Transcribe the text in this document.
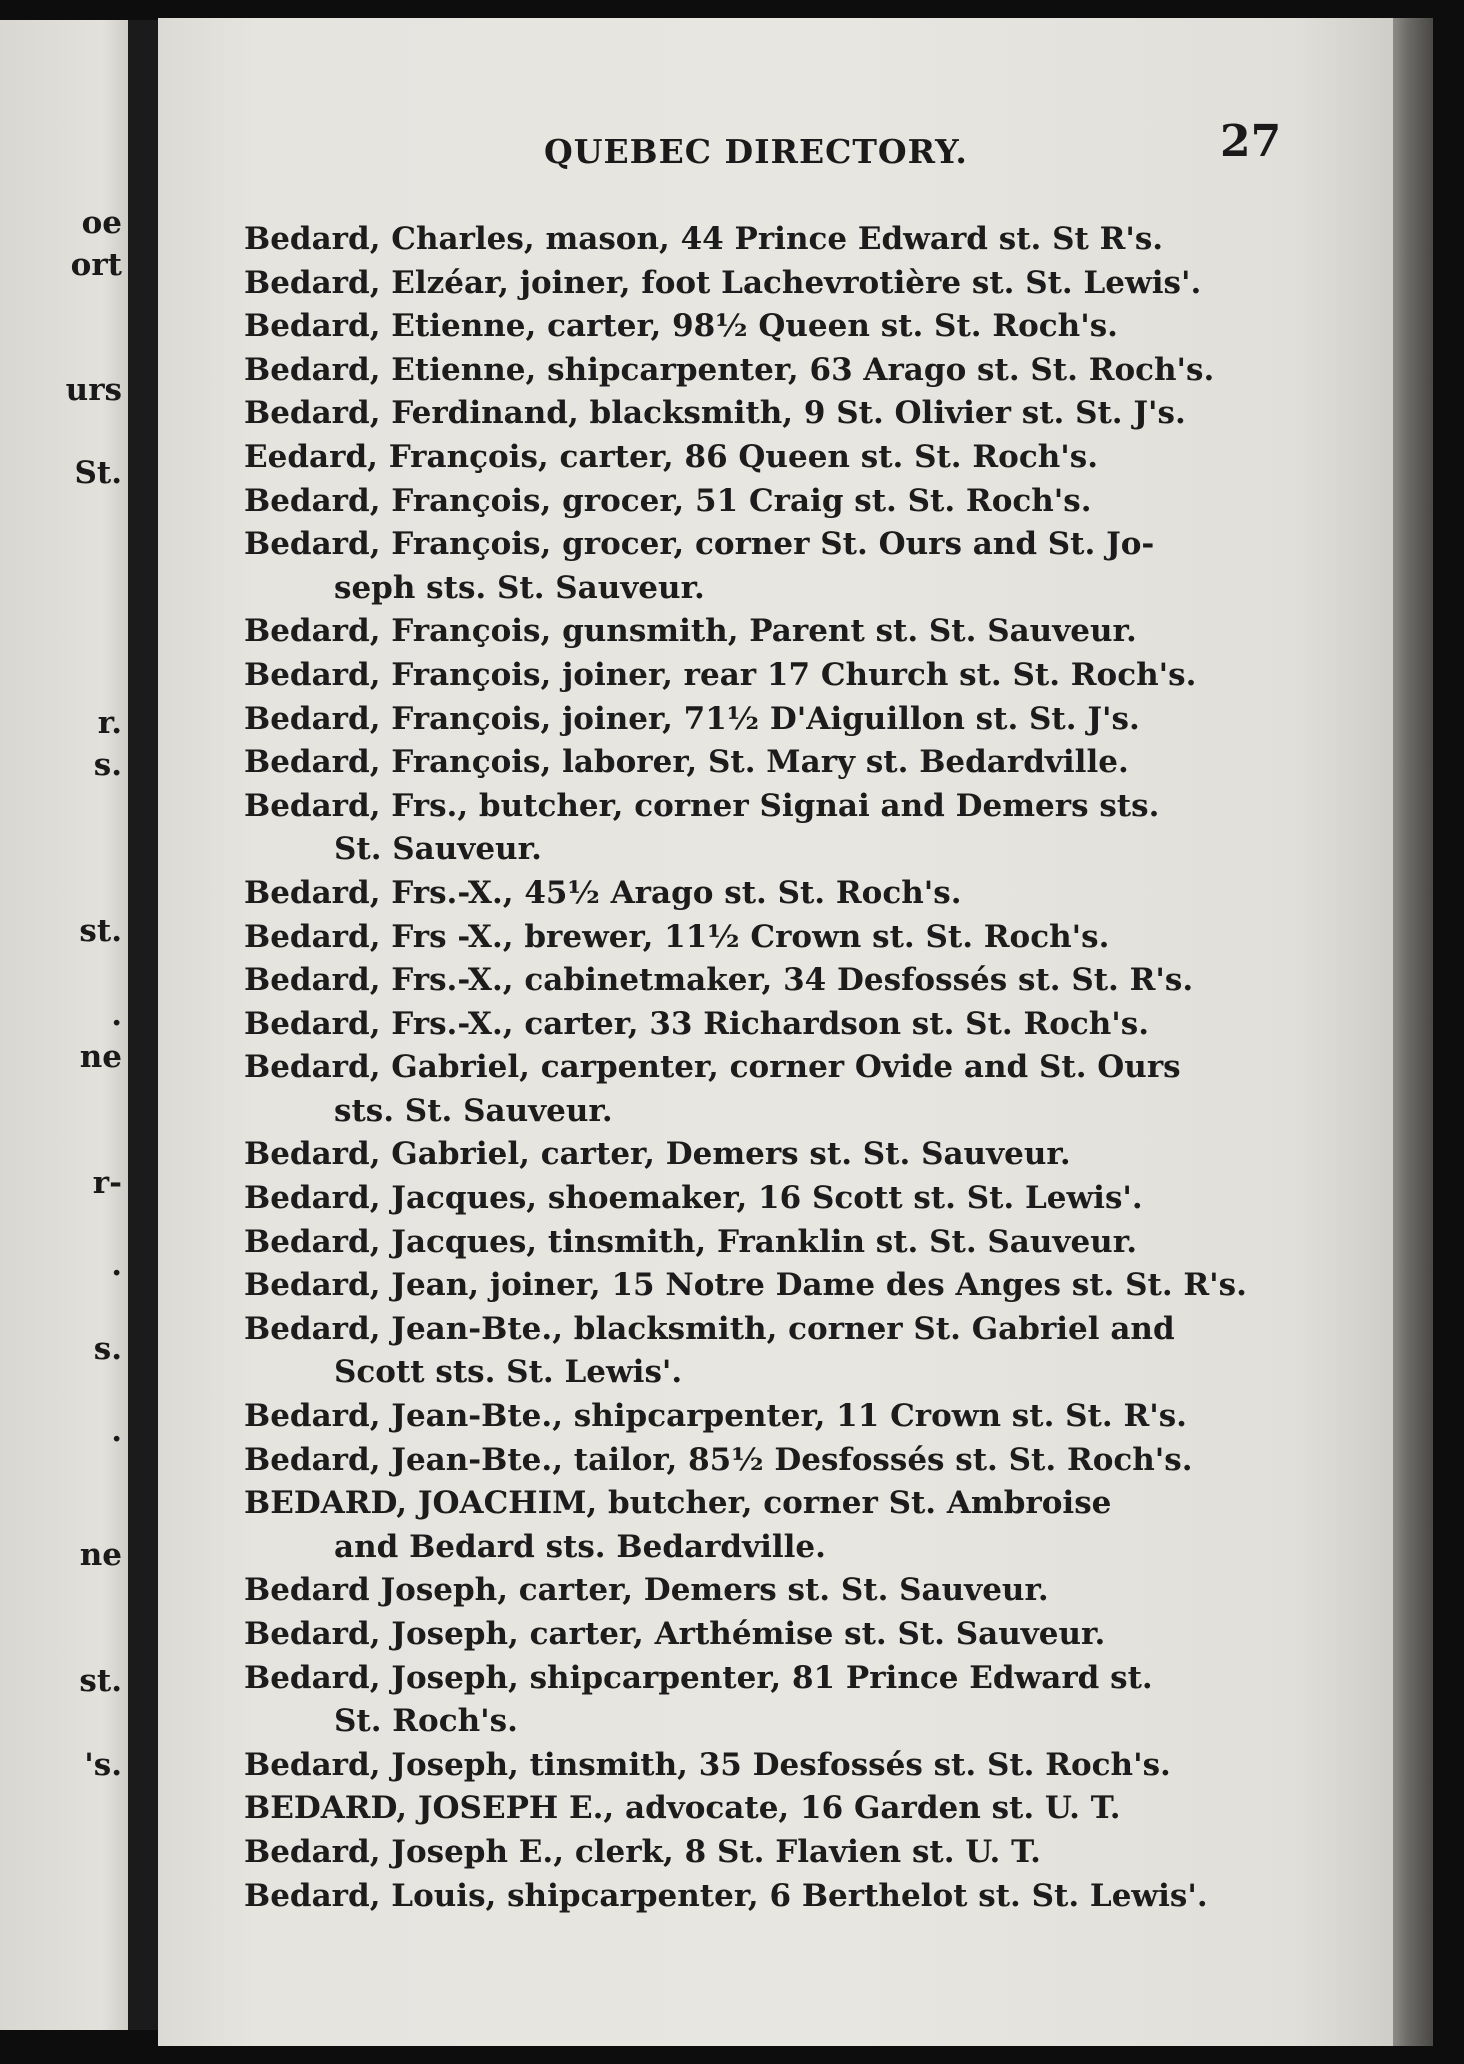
oe
ort
urs
St.
r.
s.
st.
.
ne
r-
.
s.
.
ne
st.
's.
QUEBEC DIRECTORY.	27
Bedard, Charles, mason, 44 Prince Edward st. St R's.
Bedard, Elzéar, joiner, foot Lachevrotière st. St. Lewis'.
Bedard, Etienne, carter, 98½ Queen st. St. Roch's.
Bedard, Etienne, shipcarpenter, 63 Arago st. St. Roch's.
Bedard, Ferdinand, blacksmith, 9 St. Olivier st. St. J's.
Eedard, François, carter, 86 Queen st. St. Roch's.
Bedard, François, grocer, 51 Craig st. St. Roch's.
Bedard, François, grocer, corner St. Ours and St. Jo-
seph sts. St. Sauveur.
Bedard, François, gunsmith, Parent st. St. Sauveur.
Bedard, François, joiner, rear 17 Church st. St. Roch's.
Bedard, François, joiner, 71½ D'Aiguillon st. St. J's.
Bedard, François, laborer, St. Mary st. Bedardville.
Bedard, Frs., butcher, corner Signai and Demers sts.
St. Sauveur.
Bedard, Frs.-X., 45½ Arago st. St. Roch's.
Bedard, Frs -X., brewer, 11½ Crown st. St. Roch's.
Bedard, Frs.-X., cabinetmaker, 34 Desfossés st. St. R's.
Bedard, Frs.-X., carter, 33 Richardson st. St. Roch's.
Bedard, Gabriel, carpenter, corner Ovide and St. Ours
sts. St. Sauveur.
Bedard, Gabriel, carter, Demers st. St. Sauveur.
Bedard, Jacques, shoemaker, 16 Scott st. St. Lewis'.
Bedard, Jacques, tinsmith, Franklin st. St. Sauveur.
Bedard, Jean, joiner, 15 Notre Dame des Anges st. St. R's.
Bedard, Jean-Bte., blacksmith, corner St. Gabriel and
Scott sts. St. Lewis'.
Bedard, Jean-Bte., shipcarpenter, 11 Crown st. St. R's.
Bedard, Jean-Bte., tailor, 85½ Desfossés st. St. Roch's.
BEDARD, JOACHIM, butcher, corner St. Ambroise
and Bedard sts. Bedardville.
Bedard Joseph, carter, Demers st. St. Sauveur.
Bedard, Joseph, carter, Arthémise st. St. Sauveur.
Bedard, Joseph, shipcarpenter, 81 Prince Edward st.
St. Roch's.
Bedard, Joseph, tinsmith, 35 Desfossés st. St. Roch's.
BEDARD, JOSEPH E., advocate, 16 Garden st. U. T.
Bedard, Joseph E., clerk, 8 St. Flavien st. U. T.
Bedard, Louis, shipcarpenter, 6 Berthelot st. St. Lewis'.
